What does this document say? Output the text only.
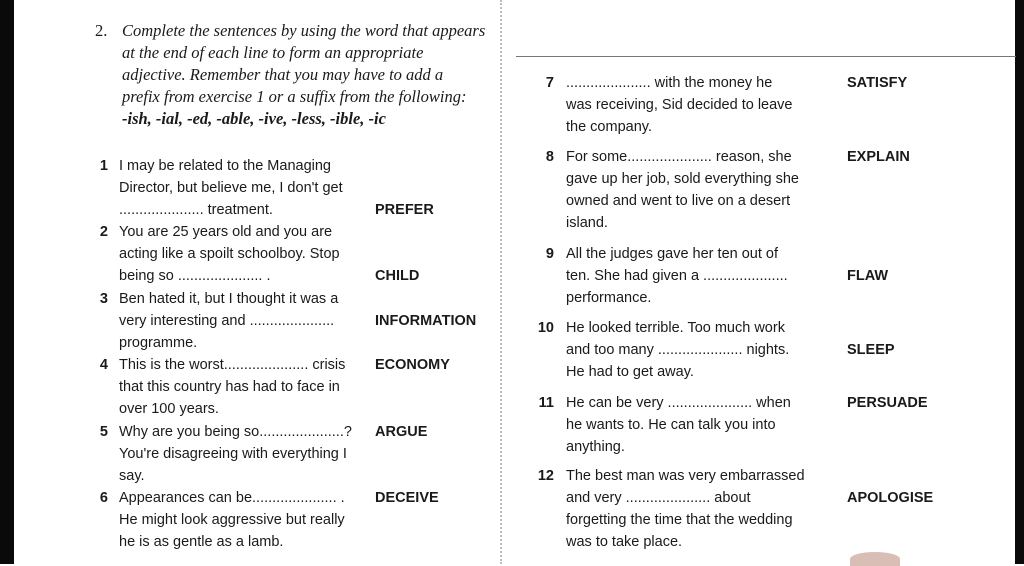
2. Complete the sentences by using the word that appears
at the end of each line to form an appropriate
adjective. Remember that you may have to add a
prefix from exercise 1 or a suffix from the following:
-ish, -ial, -ed, -able, -ive, -less, -ible, -ic
1 I may be related to the Managing
Director, but believe me, I don't get
..................... treatment.	PREFER
2 You are 25 years old and you are
acting like a spoilt schoolboy. Stop
being so ..................... .	CHILD
3 Ben hated it, but I thought it was a
very interesting and .....................
programme.
INFORMATION
4 This is the worst..................... crisis
that this country has had to face in
over 100 years.
ECONOMY
5 Why are you being so.....................?
You're disagreeing with everything I
say.
ARGUE
6 Appearances can be..................... .
He might look aggressive but really
he is as gentle as a lamb.
DECEIVE
7 ..................... with the money he
was receiving, Sid decided to leave
the company.
SATISFY
8 For some..................... reason, she
gave up her job, sold everything she
owned and went to live on a desert
island.
EXPLAIN
9 All the judges gave her ten out of
ten. She had given a .....................
performance.
FLAW
10 He looked terrible. Too much work
and too many ..................... nights.
He had to get away.
SLEEP
11 He can be very ..................... when
he wants to. He can talk you into
anything.
PERSUADE
12 The best man was very embarrassed
and very ..................... about
forgetting the time that the wedding
was to take place.
APOLOGISE
